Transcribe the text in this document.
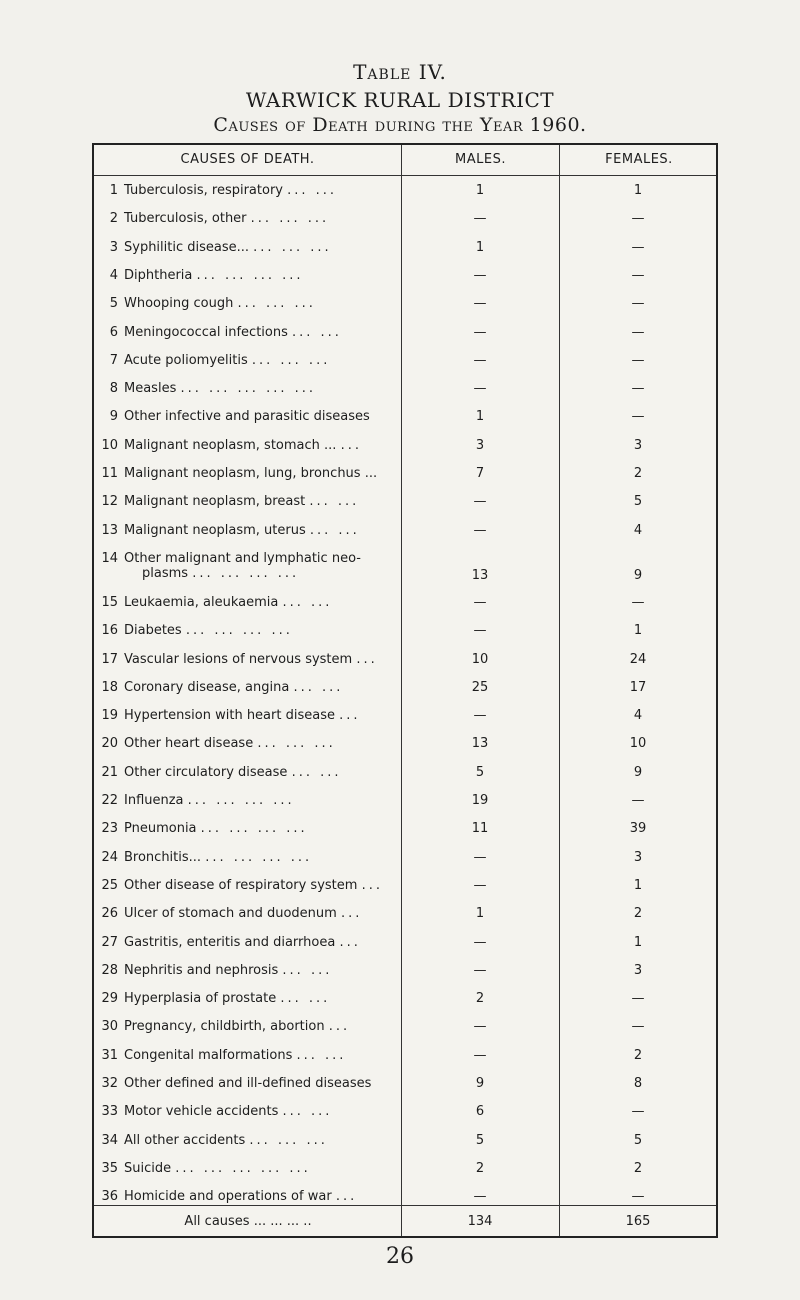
Table IV.
WARWICK RURAL DISTRICT
Causes of Death during the Year 1960.
CAUSES OF DEATH.	MALES.	FEMALES.
1 Tuberculosis, respiratory ... ...	1	1
2 Tuberculosis, other ... ... ...	—	—
3 Syphilitic disease... ... ... ...	1	—
4 Diphtheria ... ... ... ...	—	—
5 Whooping cough ... ... ...	—	—
6 Meningococcal infections ... ...	—	—
7 Acute poliomyelitis ... ... ...	—	—
8 Measles ... ... ... ... ...	—	—
9 Other infective and parasitic diseases	1	—
10 Malignant neoplasm, stomach ... ...	3	3
11 Malignant neoplasm, lung, bronchus ...	7	2
12 Malignant neoplasm, breast ... ...	—	5
13 Malignant neoplasm, uterus ... ...	—	4
14 Other malignant and lymphatic neo-
plasms ... ... ... ...	13	9
15 Leukaemia, aleukaemia ... ...	—	—
16 Diabetes ... ... ... ...	—	1
17 Vascular lesions of nervous system ...	10	24
18 Coronary disease, angina ... ...	25	17
19 Hypertension with heart disease ...	—	4
20 Other heart disease ... ... ...	13	10
21 Other circulatory disease ... ...	5	9
22 Influenza ... ... ... ...	19	—
23 Pneumonia ... ... ... ...	11	39
24 Bronchitis... ... ... ... ...	—	3
25 Other disease of respiratory system ...	—	1
26 Ulcer of stomach and duodenum ...	1	2
27 Gastritis, enteritis and diarrhoea ...	—	1
28 Nephritis and nephrosis ... ...	—	3
29 Hyperplasia of prostate ... ...	2	—
30 Pregnancy, childbirth, abortion ...	—	—
31 Congenital malformations ... ...	—	2
32 Other defined and ill-defined diseases	9	8
33 Motor vehicle accidents ... ...	6	—
34 All other accidents ... ... ...	5	5
35 Suicide ... ... ... ... ...	2	2
36 Homicide and operations of war ...	—	—
All causes ... ... ... ..	134	165
26
